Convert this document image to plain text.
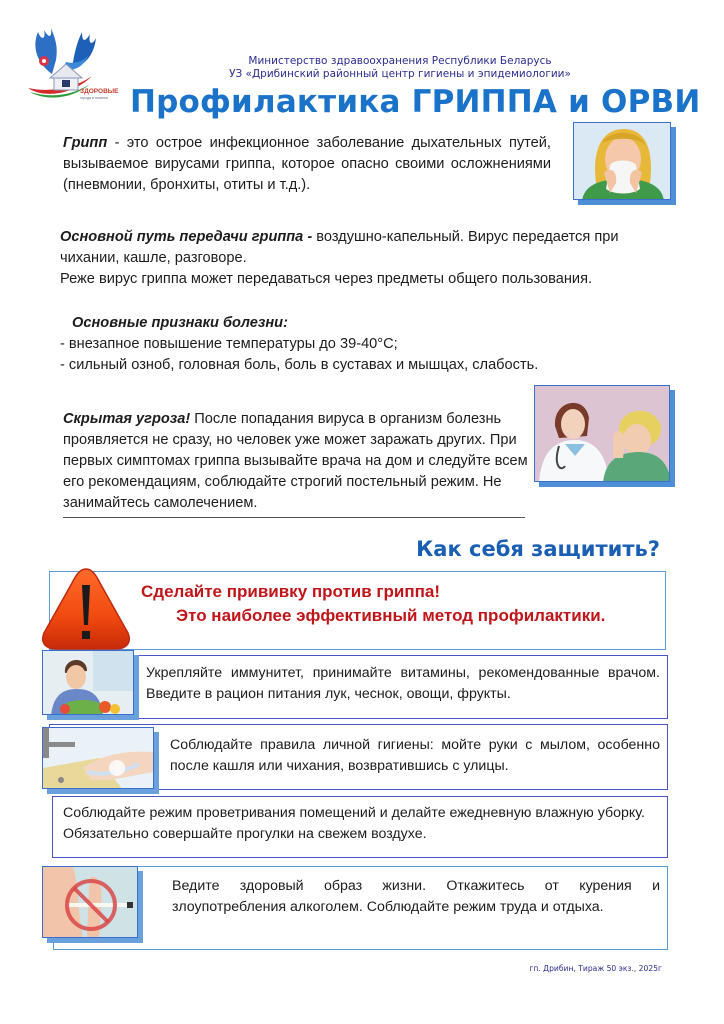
ЗДОРОВЫЕ
города и поселки
Министерство здравоохранения Республики Беларусь
УЗ «Дрибинский районный центр гигиены и эпидемиологии»
Профилактика ГРИППА и ОРВИ
Грипп - это острое инфекционное заболевание дыхательных путей, вызываемое вирусами гриппа, которое опасно своими осложнениями (пневмонии, бронхиты, отиты и т.д.).
Основной путь передачи гриппа - воздушно-капельный. Вирус передается при чихании, кашле, разговоре.
Реже вирус гриппа может передаваться через предметы общего пользования.
Основные признаки болезни:
- внезапное повышение температуры до 39-40°С;
- сильный озноб, головная боль, боль в суставах и мышцах, слабость.
Скрытая угроза! После попадания вируса в организм болезнь проявляется не сразу, но человек уже может заражать других. При первых симптомах гриппа вызывайте врача на дом и следуйте всем его рекомендациям, соблюдайте строгий постельный режим. Не занимайтесь самолечением.
Как себя защитить?
Сделайте прививку против гриппа!
Это наиболее эффективный метод профилактики.
Укрепляйте иммунитет, принимайте витамины, рекомендованные врачом. Введите в рацион питания лук, чеснок, овощи, фрукты.
Соблюдайте правила личной гигиены: мойте руки с мылом, особенно после кашля или чихания, возвратившись с улицы.
Соблюдайте режим проветривания помещений и делайте ежедневную влажную уборку. Обязательно совершайте прогулки на свежем воздухе.
Ведите здоровый образ жизни. Откажитесь от курения и злоупотребления алкоголем. Соблюдайте режим труда и отдыха.
гп. Дрибин, Тираж 50 экз., 2025г
